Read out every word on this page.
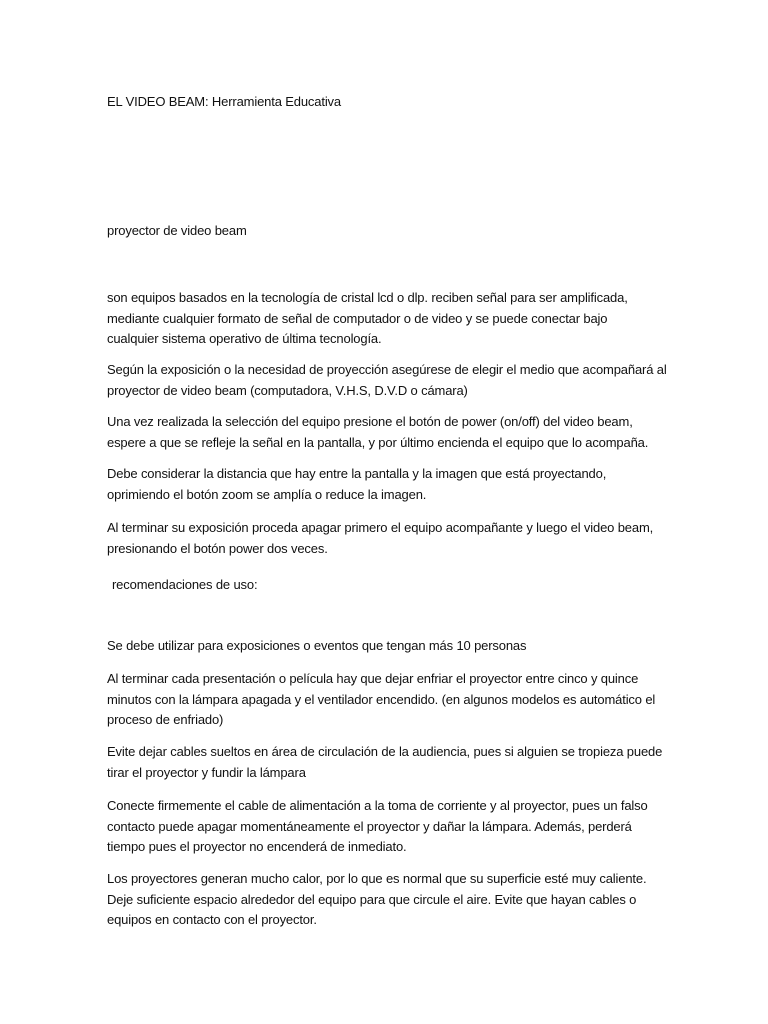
EL VIDEO BEAM: Herramienta Educativa

proyector de video beam

son equipos basados en la tecnología de cristal lcd o dlp. reciben señal para ser amplificada,
mediante cualquier formato de señal de computador o de video y se puede conectar bajo
cualquier sistema operativo de última tecnología.
Según la exposición o la necesidad de proyección asegúrese de elegir el medio que acompañará al
proyector de video beam (computadora, V.H.S, D.V.D o cámara)
Una vez realizada la selección del equipo presione el botón de power (on/off) del video beam,
espere a que se refleje la señal en la pantalla, y por último encienda el equipo que lo acompaña.
Debe considerar la distancia que hay entre la pantalla y la imagen que está proyectando,
oprimiendo el botón zoom se amplía o reduce la imagen.
Al terminar su exposición proceda apagar primero el equipo acompañante y luego el video beam,
presionando el botón power dos veces.

recomendaciones de uso:

Se debe utilizar para exposiciones o eventos que tengan más 10 personas

Al terminar cada presentación o película hay que dejar enfriar el proyector entre cinco y quince
minutos con la lámpara apagada y el ventilador encendido. (en algunos modelos es automático el
proceso de enfriado)
Evite dejar cables sueltos en área de circulación de la audiencia, pues si alguien se tropieza puede
tirar el proyector y fundir la lámpara
Conecte firmemente el cable de alimentación a la toma de corriente y al proyector, pues un falso
contacto puede apagar momentáneamente el proyector y dañar la lámpara. Además, perderá
tiempo pues el proyector no encenderá de inmediato.
Los proyectores generan mucho calor, por lo que es normal que su superficie esté muy caliente.
Deje suficiente espacio alrededor del equipo para que circule el aire. Evite que hayan cables o
equipos en contacto con el proyector.
